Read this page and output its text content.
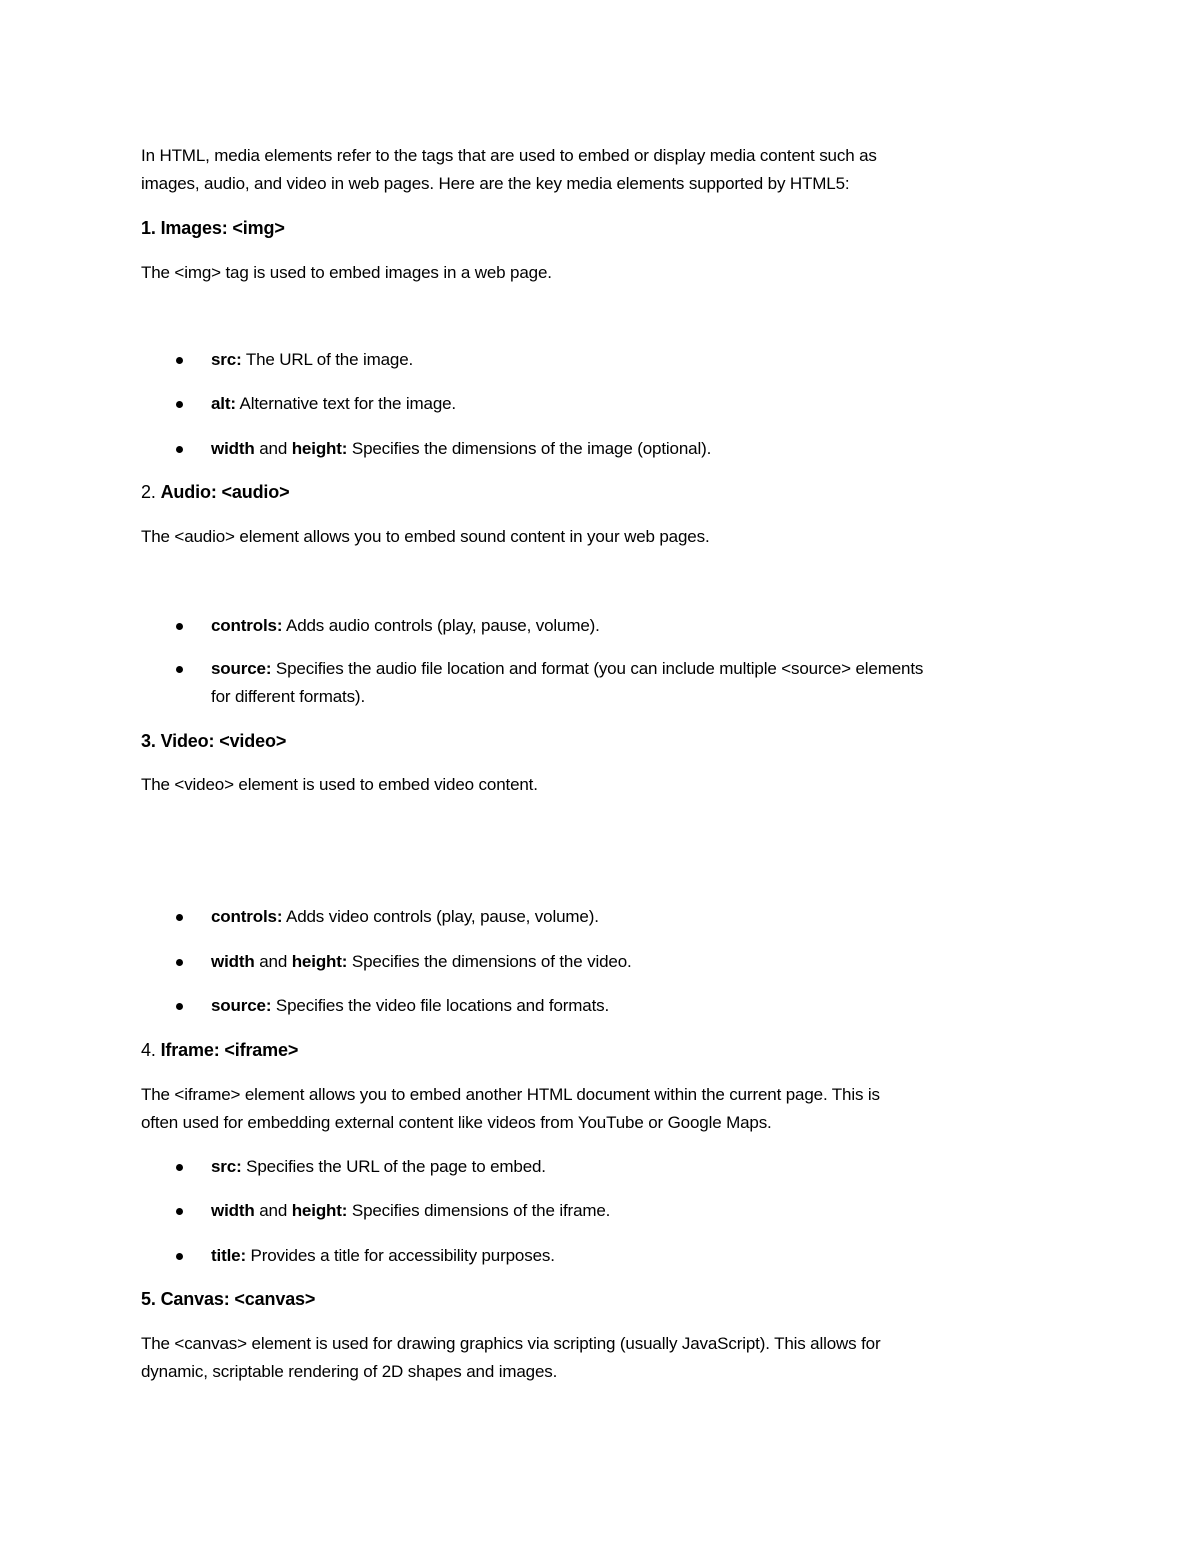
In HTML, media elements refer to the tags that are used to embed or display media content such as
images, audio, and video in web pages. Here are the key media elements supported by HTML5:
1. Images: <img>
The <img> tag is used to embed images in a web page.
src: The URL of the image.
alt: Alternative text for the image.
width and height: Specifies the dimensions of the image (optional).
2. Audio: <audio>
The <audio> element allows you to embed sound content in your web pages.
controls: Adds audio controls (play, pause, volume).
source: Specifies the audio file location and format (you can include multiple <source> elements
for different formats).
3. Video: <video>
The <video> element is used to embed video content.
controls: Adds video controls (play, pause, volume).
width and height: Specifies the dimensions of the video.
source: Specifies the video file locations and formats.
4. Iframe: <iframe>
The <iframe> element allows you to embed another HTML document within the current page. This is
often used for embedding external content like videos from YouTube or Google Maps.
src: Specifies the URL of the page to embed.
width and height: Specifies dimensions of the iframe.
title: Provides a title for accessibility purposes.
5. Canvas: <canvas>
The <canvas> element is used for drawing graphics via scripting (usually JavaScript). This allows for
dynamic, scriptable rendering of 2D shapes and images.
